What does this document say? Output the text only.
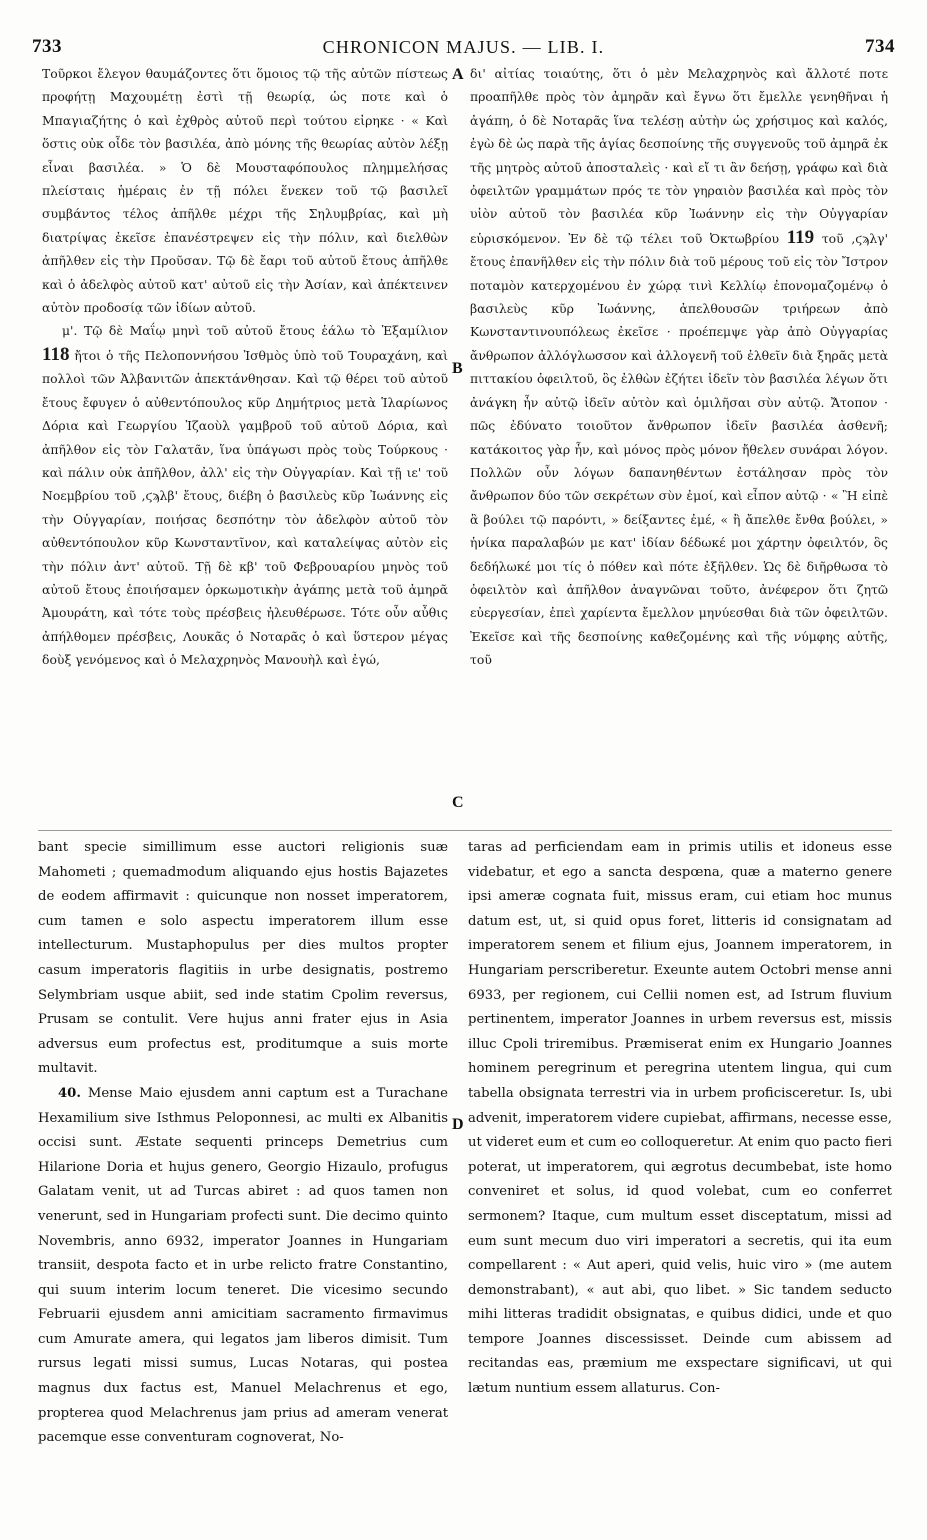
733	CHRONICON MAJUS. — LIB. I.	734
A
B
C
D

Τοῦρκοι ἔλεγον θαυμάζοντες ὅτι ὅμοιος τῷ τῆς αὐτῶν πίστεως προφήτῃ Μαχουμέτῃ ἐστὶ τῇ θεωρίᾳ, ὡς ποτε καὶ ὁ Μπαγιαζήτης ὁ καὶ ἐχθρὸς αὐτοῦ περὶ τούτου εἰρηκε · « Καὶ ὅστις οὐκ οἶδε τὸν βασιλέα, ἀπὸ μόνης τῆς θεωρίας αὐτὸν λέξῃ εἶναι βασιλέα. » Ὁ δὲ Μουσταφόπουλος πλημμελήσας πλείσταις ἡμέραις ἐν τῇ πόλει ἕνεκεν τοῦ τῷ βασιλεῖ συμβάντος τέλος ἀπῆλθε μέχρι τῆς Σηλυμβρίας, καὶ μὴ διατρίψας ἐκεῖσε ἐπανέστρεψεν εἰς τὴν πόλιν, καὶ διελθὼν ἀπῆλθεν εἰς τὴν Προῦσαν. Τῷ δὲ ἔαρι τοῦ αὐτοῦ ἔτους ἀπῆλθε καὶ ὁ ἀδελφὸς αὐτοῦ κατ' αὐτοῦ εἰς τὴν Ἀσίαν, καὶ ἀπέκτεινεν αὐτὸν προδοσίᾳ τῶν ἰδίων αὐτοῦ.

μ'. Τῷ δὲ Μαΐῳ μηνὶ τοῦ αὐτοῦ ἔτους ἑάλω τὸ Ἑξαμίλιον 118 ἤτοι ὁ τῆς Πελοποννήσου Ἰσθμὸς ὑπὸ τοῦ Τουραχάνη, καὶ πολλοὶ τῶν Ἀλβανιτῶν ἀπεκτάνθησαν. Καὶ τῷ θέρει τοῦ αὐτοῦ ἔτους ἔφυγεν ὁ αὐθεντόπουλος κῦρ Δημήτριος μετὰ Ἱλαρίωνος Δόρια καὶ Γεωργίου Ἰζαοὺλ γαμβροῦ τοῦ αὐτοῦ Δόρια, καὶ ἀπῆλθον εἰς τὸν Γαλατᾶν, ἵνα ὑπάγωσι πρὸς τοὺς Τούρκους · καὶ πάλιν οὐκ ἀπῆλθον, ἀλλ' εἰς τὴν Οὐγγαρίαν. Καὶ τῇ ιε' τοῦ Νοεμβρίου τοῦ ‚ϛϡλβ' ἔτους, διέβη ὁ βασιλεὺς κῦρ Ἰωάννης εἰς τὴν Οὐγγαρίαν, ποιήσας δεσπότην τὸν ἀδελφὸν αὐτοῦ τὸν αὐθεντόπουλον κῦρ Κωνσταντῖνον, καὶ καταλείψας αὐτὸν εἰς τὴν πόλιν ἀντ' αὐτοῦ. Τῇ δὲ κβ' τοῦ Φεβρουαρίου μηνὸς τοῦ αὐτοῦ ἔτους ἐποιήσαμεν ὁρκωμοτικὴν ἀγάπης μετὰ τοῦ ἀμηρᾶ Ἀμουράτη, καὶ τότε τοὺς πρέσβεις ἠλευθέρωσε. Τότε οὖν αὖθις ἀπήλθομεν πρέσβεις, Λουκᾶς ὁ Νοταρᾶς ὁ καὶ ὕστερον μέγας δοὺξ γενόμενος καὶ ὁ Μελαχρηνὸς Μανουὴλ καὶ ἐγώ,

δι' αἰτίας τοιαύτης, ὅτι ὁ μὲν Μελαχρηνὸς καὶ ἄλλοτέ ποτε προαπῆλθε πρὸς τὸν ἀμηρᾶν καὶ ἔγνω ὅτι ἔμελλε γενηθῆναι ἡ ἀγάπη, ὁ δὲ Νοταρᾶς ἵνα τελέσῃ αὐτὴν ὡς χρήσιμος καὶ καλός, ἐγὼ δὲ ὡς παρὰ τῆς ἁγίας δεσποίνης τῆς συγγενοῦς τοῦ ἀμηρᾶ ἐκ τῆς μητρὸς αὐτοῦ ἀποσταλεὶς · καὶ εἴ τι ἂν δεήσῃ, γράφω καὶ διὰ ὀφειλτῶν γραμμάτων πρός τε τὸν γηραιὸν βασιλέα καὶ πρὸς τὸν υἱὸν αὐτοῦ τὸν βασιλέα κῦρ Ἰωάννην εἰς τὴν Οὐγγαρίαν εὑρισκόμενον. Ἐν δὲ τῷ τέλει τοῦ Ὀκτωβρίου 119 τοῦ ‚ϛϡλγ' ἔτους ἐπανῆλθεν εἰς τὴν πόλιν διὰ τοῦ μέρους τοῦ εἰς τὸν Ἴστρον ποταμὸν κατερχομένου ἐν χώρᾳ τινὶ Κελλίῳ ἐπονομαζομένῳ ὁ βασιλεὺς κῦρ Ἰωάννης, ἀπελθουσῶν τριήρεων ἀπὸ Κωνσταντινουπόλεως ἐκεῖσε · προέπεμψε γὰρ ἀπὸ Οὐγγαρίας ἄνθρωπον ἀλλόγλωσσον καὶ ἀλλογενῆ τοῦ ἐλθεῖν διὰ ξηρᾶς μετὰ πιττακίου ὀφειλτοῦ, ὃς ἐλθὼν ἐζήτει ἰδεῖν τὸν βασιλέα λέγων ὅτι ἀνάγκη ἦν αὐτῷ ἰδεῖν αὐτὸν καὶ ὁμιλῆσαι σὺν αὐτῷ. Ἄτοπον · πῶς ἐδύνατο τοιοῦτον ἄνθρωπον ἰδεῖν βασιλέα ἀσθενῆ; κατάκοιτος γὰρ ἦν, καὶ μόνος πρὸς μόνον ἤθελεν συνάραι λόγον. Πολλῶν οὖν λόγων δαπανηθέντων ἐστάλησαν πρὸς τὸν ἄνθρωπον δύο τῶν σεκρέτων σὺν ἐμοί, καὶ εἶπον αὐτῷ · « Ἢ εἰπὲ ἃ βούλει τῷ παρόντι, » δείξαντες ἐμέ, « ἢ ἄπελθε ἔνθα βούλει, » ἡνίκα παραλαβών με κατ' ἰδίαν δέδωκέ μοι χάρτην ὀφειλτόν, ὃς δεδήλωκέ μοι τίς ὁ πόθεν καὶ πότε ἐξῆλθεν. Ὡς δὲ διῆρθωσα τὸ ὀφειλτὸν καὶ ἀπῆλθον ἀναγνῶναι τοῦτο, ἀνέφερον ὅτι ζητῶ εὐεργεσίαν, ἐπεὶ χαρίεντα ἔμελλον μηνύεσθαι διὰ τῶν ὀφειλτῶν. Ἐκεῖσε καὶ τῆς δεσποίνης καθεζομένης καὶ τῆς νύμφης αὐτῆς, τοῦ

bant specie simillimum esse auctori religionis suæ Mahometi ; quemadmodum aliquando ejus hostis Bajazetes de eodem affirmavit : quicunque non nosset imperatorem, cum tamen e solo aspectu imperatorem illum esse intellecturum. Mustaphopulus per dies multos propter casum imperatoris flagitiis in urbe designatis, postremo Selymbriam usque abiit, sed inde statim Cpolim reversus, Prusam se contulit. Vere hujus anni frater ejus in Asia adversus eum profectus est, proditumque a suis morte multavit.

40. Mense Maio ejusdem anni captum est a Turachane Hexamilium sive Isthmus Peloponnesi, ac multi ex Albanitis occisi sunt. Æstate sequenti princeps Demetrius cum Hilarione Doria et hujus genero, Georgio Hizaulo, profugus Galatam venit, ut ad Turcas abiret : ad quos tamen non venerunt, sed in Hungariam profecti sunt. Die decimo quinto Novembris, anno 6932, imperator Joannes in Hungariam transiit, despota facto et in urbe relicto fratre Constantino, qui suum interim locum teneret. Die vicesimo secundo Februarii ejusdem anni amicitiam sacramento firmavimus cum Amurate amera, qui legatos jam liberos dimisit. Tum rursus legati missi sumus, Lucas Notaras, qui postea magnus dux factus est, Manuel Melachrenus et ego, propterea quod Melachrenus jam prius ad ameram venerat pacemque esse conventuram cognoverat, No-

taras ad perficiendam eam in primis utilis et idoneus esse videbatur, et ego a sancta despœna, quæ a materno genere ipsi ameræ cognata fuit, missus eram, cui etiam hoc munus datum est, ut, si quid opus foret, litteris id consignatam ad imperatorem senem et filium ejus, Joannem imperatorem, in Hungariam perscriberetur. Exeunte autem Octobri mense anni 6933, per regionem, cui Cellii nomen est, ad Istrum fluvium pertinentem, imperator Joannes in urbem reversus est, missis illuc Cpoli triremibus. Præmiserat enim ex Hungario Joannes hominem peregrinum et peregrina utentem lingua, qui cum tabella obsignata terrestri via in urbem proficisceretur. Is, ubi advenit, imperatorem videre cupiebat, affirmans, necesse esse, ut videret eum et cum eo colloqueretur. At enim quo pacto fieri poterat, ut imperatorem, qui ægrotus decumbebat, iste homo conveniret et solus, id quod volebat, cum eo conferret sermonem? Itaque, cum multum esset disceptatum, missi ad eum sunt mecum duo viri imperatori a secretis, qui ita eum compellarent : « Aut aperi, quid velis, huic viro » (me autem demonstrabant), « aut abi, quo libet. » Sic tandem seducto mihi litteras tradidit obsignatas, e quibus didici, unde et quo tempore Joannes discessisset. Deinde cum abissem ad recitandas eas, præmium me exspectare significavi, ut qui lætum nuntium essem allaturus. Con-
